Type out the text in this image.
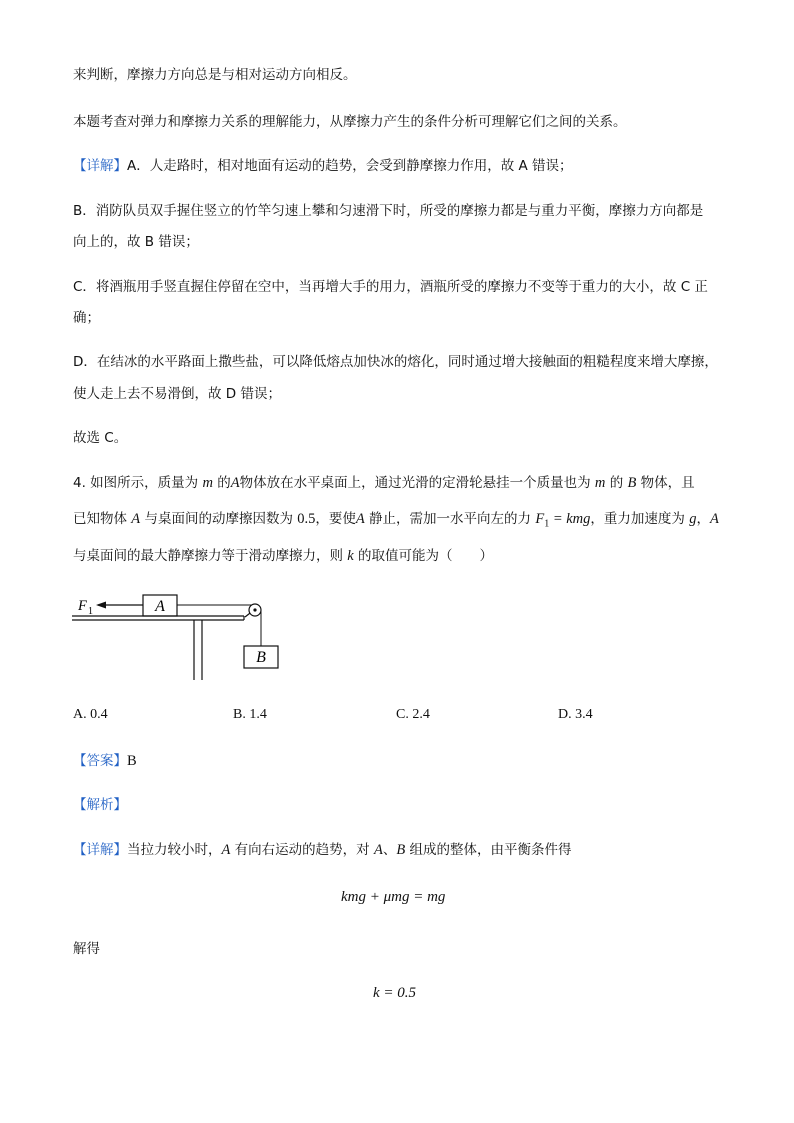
来判断，摩擦力方向总是与相对运动方向相反。
本题考查对弹力和摩擦力关系的理解能力，从摩擦力产生的条件分析可理解它们之间的关系。
【详解】A．人走路时，相对地面有运动的趋势，会受到静摩擦力作用，故 A 错误；
B．消防队员双手握住竖立的竹竿匀速上攀和匀速滑下时，所受的摩擦力都是与重力平衡，摩擦力方向都是
向上的，故 B 错误；
C．将酒瓶用手竖直握住停留在空中，当再增大手的用力，酒瓶所受的摩擦力不变等于重力的大小，故 C 正
确；
D．在结冰的水平路面上撒些盐，可以降低熔点加快冰的熔化，同时通过增大接触面的粗糙程度来增大摩擦，
使人走上去不易滑倒，故 D 错误；
故选 C。
4. 如图所示，质量为 m 的A物体放在水平桌面上，通过光滑的定滑轮悬挂一个质量也为 m 的 B 物体，且
已知物体 A 与桌面间的动摩擦因数为 0.5，要使A 静止，需加一水平向左的力 $F_1$ = kmg，重力加速度为 g，A
与桌面间的最大静摩擦力等于滑动摩擦力，则 k 的取值可能为（　　）
F 1	A
B
A. 0.4	B. 1.4	C. 2.4	D. 3.4
【答案】B
【解析】
【详解】当拉力较小时，A 有向右运动的趋势，对 A、B 组成的整体，由平衡条件得
kmg + μmg = mg
解得
k = 0.5
